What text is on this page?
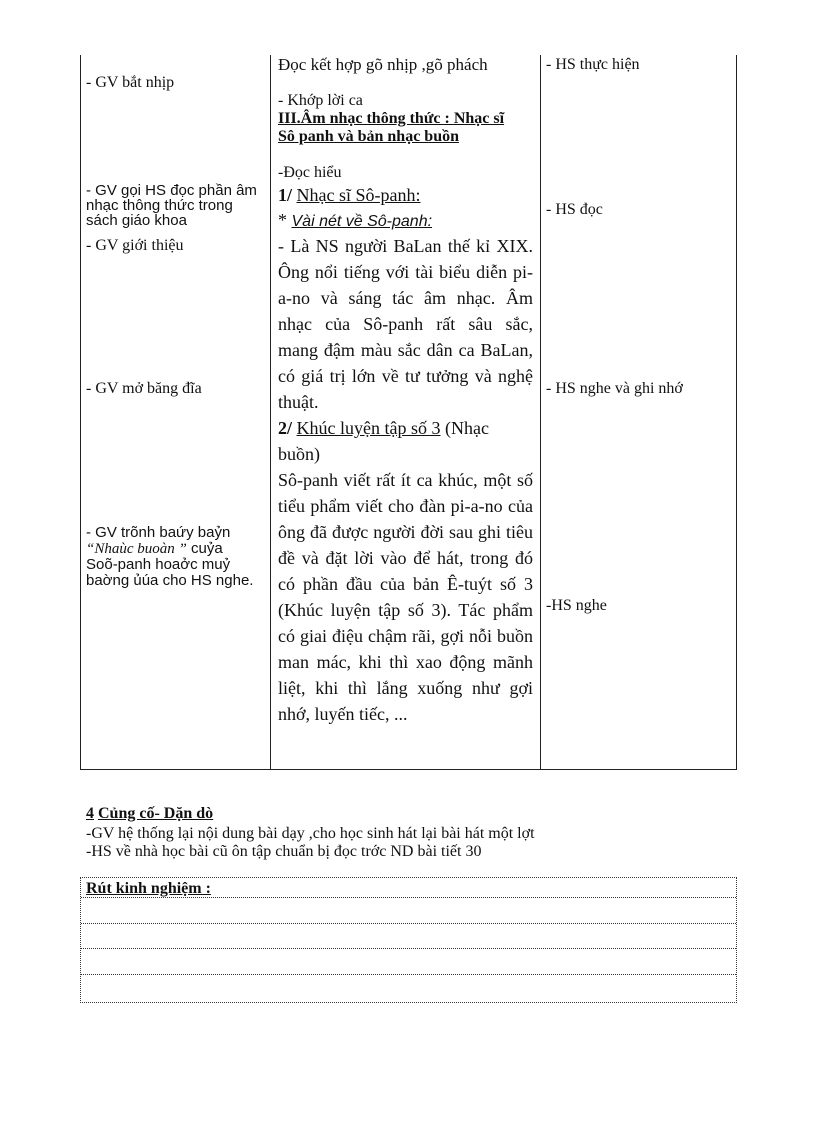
- GV bắt nhịp
- GV gọi HS đọc phần âm nhạc thông thức trong sách giáo khoa
- GV giới thiệu
- GV mở băng đĩa
- GV trõnh baứy baỷn
“Nhaùc buoàn ” cuỷa
Soõ-panh hoaởc muỷ baờng ủúa cho HS nghe.
Đọc kết hợp gõ nhịp ,gõ phách
- Khớp lời ca
III.Âm nhạc thông thức : Nhạc sĩ Sô panh và bản nhạc buồn
-Đọc hiểu
1/ Nhạc sĩ Sô-panh:
* Vài nét về Sô-panh:
- Là NS người BaLan thế kỉ XIX. Ông nổi tiếng với tài biểu diễn pi-a-no và sáng tác âm nhạc. Âm nhạc của Sô-panh rất sâu sắc, mang đậm màu sắc dân ca BaLan, có giá trị lớn về tư tưởng và nghệ thuật.
2/ Khúc luyện tập số 3 (Nhạc buồn)
Sô-panh viết rất ít ca khúc, một số tiểu phẩm viết cho đàn pi-a-no của ông đã được người đời sau ghi tiêu đề và đặt lời vào để hát, trong đó có phần đầu của bản Ê-tuýt số 3 (Khúc luyện tập số 3). Tác phẩm có giai điệu chậm rãi, gợi nỗi buồn man mác, khi thì xao động mãnh liệt, khi thì lắng xuống như gợi nhớ, luyến tiếc, ...
- HS thực hiện
- HS đọc
- HS nghe và ghi nhớ
-HS nghe
4 Củng cố- Dặn dò
-GV hệ thống lại nội dung bài dạy ,cho học sinh hát lại bài hát một lợt
-HS về nhà học bài cũ ôn tập chuẩn bị đọc trớc ND bài tiết 30
Rút kinh nghiệm :
